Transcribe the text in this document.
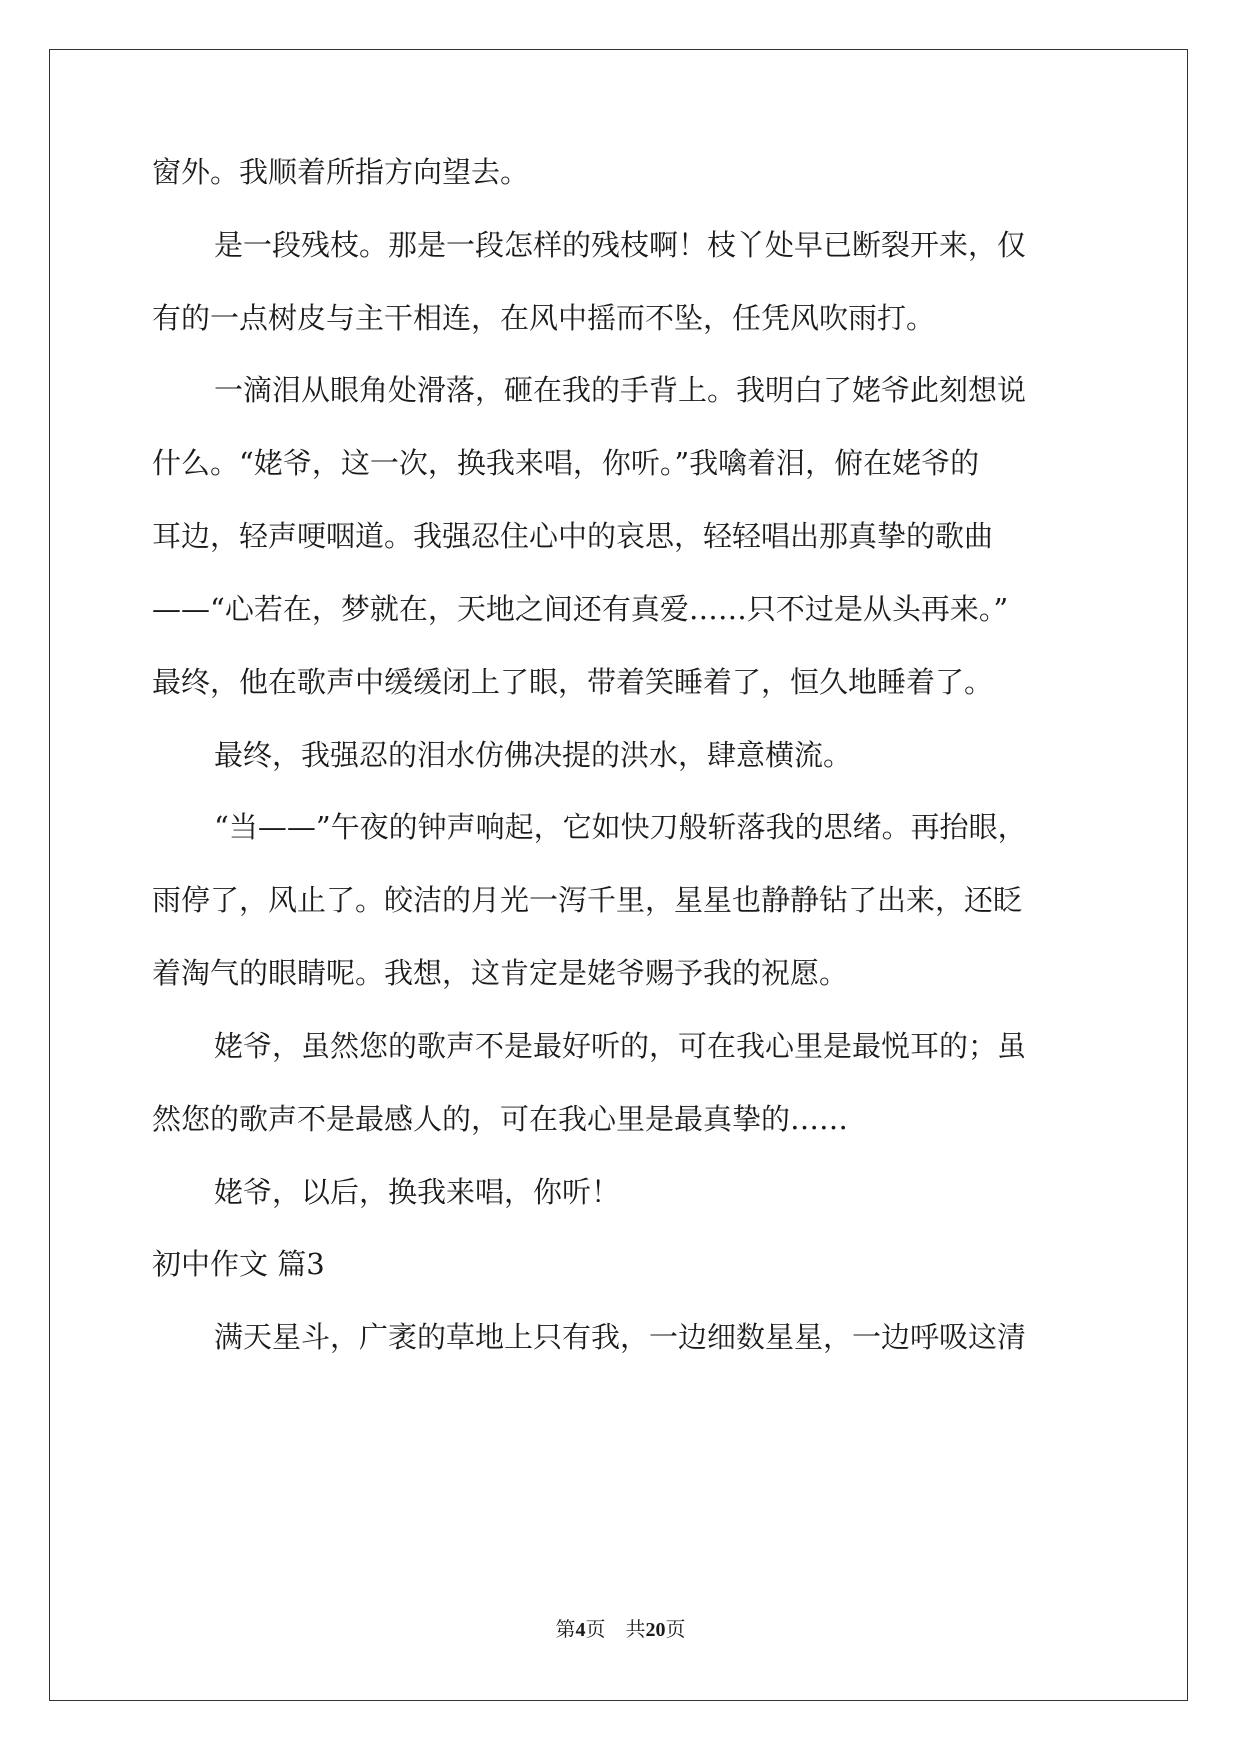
窗外。我顺着所指方向望去。
是一段残枝。那是一段怎样的残枝啊！枝丫处早已断裂开来，仅
有的一点树皮与主干相连，在风中摇而不坠，任凭风吹雨打。
一滴泪从眼角处滑落，砸在我的手背上。我明白了姥爷此刻想说
什么。“姥爷，这一次，换我来唱，你听。”我噙着泪，俯在姥爷的
耳边，轻声哽咽道。我强忍住心中的哀思，轻轻唱出那真挚的歌曲
——“心若在，梦就在，天地之间还有真爱……只不过是从头再来。”
最终，他在歌声中缓缓闭上了眼，带着笑睡着了，恒久地睡着了。
最终，我强忍的泪水仿佛决提的洪水，肆意横流。
“当——”午夜的钟声响起，它如快刀般斩落我的思绪。再抬眼，
雨停了，风止了。皎洁的月光一泻千里，星星也静静钻了出来，还眨
着淘气的眼睛呢。我想，这肯定是姥爷赐予我的祝愿。
姥爷，虽然您的歌声不是最好听的，可在我心里是最悦耳的；虽
然您的歌声不是最感人的，可在我心里是最真挚的……
姥爷，以后，换我来唱，你听！
初中作文 篇3
满天星斗，广袤的草地上只有我，一边细数星星，一边呼吸这清
第4页　共20页
